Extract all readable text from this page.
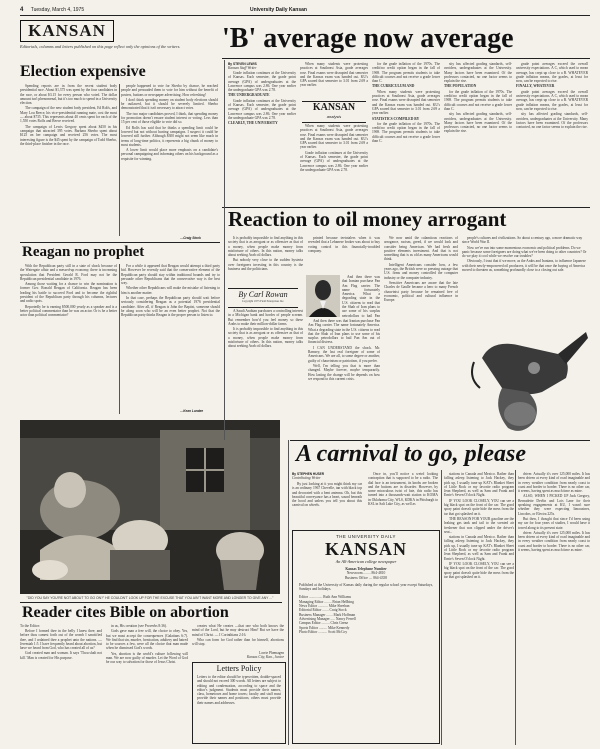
4 Tuesday, March 4, 1975	University Daily Kansan
KANSAN
Editorials, columns and letters published on this page reflect only the opinions of the writers.	'B' average now average
Election expensive

Spending reports are in from the recent student body presidential race. About $1,375 was spent by the four candidates in the race, or about $3.15 for every person who voted. The dollar amount isn't phenomenal, but it's too much to spend in a University election.

The campaign of the new student body president, Ed Rolfs, and Mary Lou Reece, his vice-presidential running mate, cost the most — about $735. This represents about 40 cents spent for each of the 1,550 votes Rolfs and Reece received.

The campaign of Lewis Gregory spent about $450 in his campaign that attracted 395 votes. Barbara Sherbo spent about $125 on her campaign and received 256 votes. The most interesting figure is the $45 spent by the campaign of Todd Sherbo, the third-place finisher in the race.

people happened to vote for Sherbo by chance, he reached people and persuaded them to vote for him without the benefit of posters, buttons or newspaper advertising. How refreshing!

I don't think spending money on student body elections should be outlawed, but it should be severely limited. Sherbo demonstrated that it isn't necessary to attract votes.

The two major candidates proved, I think, that spending money for promotion doesn't ensure student interest or voting. Less than 15 per cent of those eligible to vote did so.

Ed Rolfs has said that he thinks a spending limit could be lowered but not without hurting campaigns. I suspect it could be lowered still further. Although $300 might not seem like much in terms of long-time politics, it represents a big chunk of money to most students.

A lower limit would place more emphasis on a candidate's personal campaigning and informing others on his background as a requisite for winning.

—Craig Stock
By STEVEN LEWIS
Kansan Staff Writer

Grade inflation continues at the University of Kansas. Each semester, the grade point average (GPA) of undergraduates at the Lawrence campus was 2.86. One year earlier the undergraduate GPA was 2.78.

THE UNDERGRADUATE

Grade inflation continues at the University of Kansas. Each semester, the grade point average (GPA) of undergraduates at the Lawrence campus was 2.86. One year earlier the undergraduate GPA was 2.78.

CLEARLY, THE UNIVERSITY

When many students were protesting practices at Southeast Asia, grade averages rose. Final exams were disrupted that semester and the Kansas exam was handed out. KU's GPA soared that semester to 3.01 from 2.69 a year earlier.

KANSAN
analysis

When many students were protesting practices at Southeast Asia, grade averages rose. Final exams were disrupted that semester and the Kansas exam was handed out. KU's GPA soared that semester to 3.01 from 2.69 a year earlier.

Grade inflation continues at the University of Kansas. Each semester, the grade point average (GPA) of undergraduates at the Lawrence campus was 2.86. One year earlier the undergraduate GPA was 2.78.

for the grade inflation of the 1970s. The credit/no credit option began in the fall of 1969. The program permits students to take difficult courses and not receive a grade lower than C.

THE CURRICULUM AND

When many students were protesting practices at Southeast Asia, grade averages rose. Final exams were disrupted that semester and the Kansas exam was handed out. KU's GPA soared that semester to 3.01 from 2.69 a year earlier.

STATISTICS COMPILED BY

for the grade inflation of the 1970s. The credit/no credit option began in the fall of 1969. The program permits students to take difficult courses and not receive a grade lower than C.

sity has affected grading standards, self-avoiders, undergraduates at the University. Many factors have been examined. Of the professors contacted, no one factor seems to explain the rise.

THE POPULATION

for the grade inflation of the 1970s. The credit/no credit option began in the fall of 1969. The program permits students to take difficult courses and not receive a grade lower than C.

sity has affected grading standards, self-avoiders, undergraduates at the University. Many factors have been examined. Of the professors contacted, no one factor seems to explain the rise.

grade point averages exceed the overall university expectations. A C, which used to mean average, has crept up close to a B. WHATEVER grade inflation means, the grades, at least for now, can be expected to rise.

FINALLY, WHATEVER

grade point averages exceed the overall university expectations. A C, which used to mean average, has crept up close to a B. WHATEVER grade inflation means, the grades, at least for now, can be expected to rise.

sity has affected grading standards, self-avoiders, undergraduates at the University. Many factors have been examined. Of the professors contacted, no one factor seems to explain the rise.

Reaction to oil money arrogant

It is probably impossible to find anything in this society that is as arrogant or as offensive as that of a money, when people make money from misfortune of others. In this nation, money talks about seeking Arab oil dollars.

But nobody very close to the sudden hysteria over foreigners investing in this country is the business and the politicians.

By Carl Rowan
Copyright 1975 Field Enterprises Inc.

A Saudi Arabian purchases a controlling interest in a Michigan bank and hordes of people scream. But remember how'd you feel money so these Arabs to make their million-dollar farms.

It is probably impossible to find anything in this society that is as arrogant or as offensive as that of a money, when people make money from misfortune of others. In this nation, money talks about seeking Arab oil dollars.

printed because teetotalers when it was revealed that a Lebanese broker was about to buy voting control in this financially-troubled company.

And then there was that Iranian purchase Pan Am Flag carrier. The name fortunately America. What a degrading state in the U.S. citizens to read that the Shah of Iran plans to use some of his surplus petrodollars to bail Pan

And then there was that Iranian purchase Pan Am Flag carrier. The name fortunately America. What a degrading state in the U.S. citizens to read that the Shah of Iran plans to use some of his surplus petrodollars to bail Pan Am out of financial distress.

I CAN UNDERSTAND the shock. Mr. Ramsey, the last real foreigner of some of Americans. We are all, to some degree or another, guilty of chauvinism or patriotism, if you prefer.

Well, I'm telling you that is more than changed. Maybe forever, maybe temporarily. How lasting the change will be depends on how we respond to this current crisis.

We now amid the calamitous reactions of arrogance, racism, greed, if we would look and consider being American. We had fresh and positive elements investment. And that is not something that is as old as many Americans would think.

Intelligent Americans consider how, a few years ago, the British were so pressing outrage that U.S. firms and money controlled the computer industry or the computer industry.

Sensitive Americans are aware that the late Charles de Gaulle became a hero to many French chauvinist party because he remained free of economic, political and cultural influence in Europe.

people's cultures and civilizations. So about a century ago, a more dramatic way since World War II.

Now we've run into some momentous economic and political problems. Do we panic because some foreigners are doing what we've been doing to other countries? Or do we play it cool while we resolve our troubles?

Obviously, I trust that if we move, as the Arabs and Iranians, to influence Japanese with their newly-empowered oil producers, it will be that once the buying of America moved to threaten us, something profoundly close to a closing out sale.

Reagan no prophet

With the Republican party still in a state of shock because of the Watergate affair and a messed-up economy, there is increasing speculation that President Gerald R. Ford may not be the Republican presidential candidate in 1976.

Among those waiting for a chance to win the nomination is former Gov. Ronald Reagan of California. Reagan has been leading his battle to succeed Ford and to become the rightful president of the Republican party through his columns, lectures and radio spots.

Reportedly he is earning $500,000 yearly as a speaker and is a better political commentator than he was an actor. Or is he a better actor than political commentator?

For a while it appeared that Reagan would attempt a third party bid. However he recently said that the conservative element of the Republican party should stay within traditional bounds and try to persuade other Republicans that the conservative way is the best way.

Whether other Republicans will make the mistake of listening to him is another matter.

In that case, perhaps the Republican party should wait before seriously considering Reagan as a potential 1976 presidential candidate. After all, if Reagan is John the Baptist, someone should be along soon who will be an even better prophet. Not that the Republican party thinks Reagan is the proper person to listen to.

—Kean Lundee
"DID YOU SAY YOU'RE NOT ABOUT TO GO ON?" HE COULDN'T LOOK UP FOR THE EXCUSE THAT YOU AIN'T WANT MORE AND LONGER TO GIVE ANY ..."
A carnival to go, please
By STEPHEN HUSER
Contributing Writer

By just looking at it you might think my car is an ordinary 1967 Chevelle, tan with black top and decorated with a bent antenna. Oh, but this beautiful conveyance has a heart, sound beneath the hood and unless you tell you about this carnival on wheels.

Once in, you'll notice a weird looking contraption that is supposed to be a radio. The dial face is an instrument, its knobs are broken and the buttons are in disorder. However, by some miraculous twist of fate, this radio has turned into a thousands-watt station to KOMA in Oklahoma City, WLS, KDKA in Pittsburgh to KSL in Salt Lake City, as well as

stations in Canada and Mexico. Rather than falling asleep listening to Jack Hackey, they pick up, I usually tune up KAT's Blanket Sheet of Little Rock or my favorite radio program Jean Shepherd, as well as Sam and Frank and Ernie's Seven O'clock Night.

IF YOU LOOK CLOSELY, YOU can see a big black spot on the front of the car. The good spray paint doesn't quite hide the mess from the tar that got splashed on it.

THE REASON FOR YOUR gasoline are the leaking gas tank and tail to the scented air freshener that was clipped under the driver's seat...

stations in Canada and Mexico. Rather than falling asleep listening to Jack Hackey, they pick up, I usually tune up KAT's Blanket Sheet of Little Rock or my favorite radio program Jean Shepherd, as well as Sam and Frank and Ernie's Seven O'clock Night.

IF YOU LOOK CLOSELY, YOU can see a big black spot on the front of the car. The good spray paint doesn't quite hide the mess from the tar that got splashed on it.

driver. Actually it's over 125,000 miles. It has been driven at every kind of road imaginable and in every weather condition from nearly coast to coast and border to border. There is no other car, it seems, having spent as much time as mine.

ALSO, WHEN I PICKED UP Jack Gregory, Bernadette Devlin and Lois Lane for their speaking engagements at KU, I wasn't sure whether they were expecting limousines, Lincolns, or Electra 225s.

But then, I thought that since I'd been using my car for four years of studies, I would have it towed along to its present state.

driver. Actually it's over 125,000 miles. It has been driven at every kind of road imaginable and in every weather condition from nearly coast to coast and border to border. There is no other car, it seems, having spent as much time as mine.

THE UNIVERSITY DAILY
KANSAN
An All-American college newspaper
Kansas Telephone Number
Newsroom ........ 864-4810
Business Office .... 864-4358
Published at the University of Kansas daily during the regular school year except Saturdays, Sundays and holidays.
Editor ............... Ruth Ann Williams
Managing Editor ........ Brian Hellbing
News Editor ........... Mike Sheehan
Editorial Editor ....... Craig Stock
Business Manager ....... Mark Hoffman
Advertising Manager ..... Nancy Ferrell
Campus Editor ......... Chris Grenz
Sports Editor ......... Mike Kennedy
Photo Editor .......... Scott McCoy
Reader cites Bible on abortion
To the Editor:

Before I formed thee in the belly I knew thee; and before thou camest forth out of the womb I sanctified thee, and I ordained thee a prophet unto the nations. — Jeremiah 1:5. I have frequently heard about abortion, but have we heard from God, who has created all of us?

God created man and woman. It says 'Thou shalt not kill.' Man is created for His purpose.

in us, His creation (see Proverbs 8:36).

Gods gave man a free will, the choice to obey. Yes, but we must accept the consequences (Galatians 6:7). We find that sin, murder, fornication, adultery and hatred to be sources a few, were all the choice that man made when he dismissed God's words.

Yes, abortion is the world's culture following will man. We are now guilty of murder. Let the Word of God be our way to salvation for those of Jesus Christ.

creates what He creates —that one who both knows the mind of the Lord, but he may destruct Him? But we have the mind of Christ. — I Corinthians 2:16.

Who can form for God rather than for himself, abortions will stop.

Lorrie Phemagen
Kansas City, Kan., Junior
Letters Policy
Letters to the editor should be typewritten, double-spaced and should not exceed 300 words. All letters are subject to editing and condensation, according to space and the editor's judgment. Students must provide their names, class, hometown and home towns; faculty and staff must provide their names and positions; others must provide their names and addresses.
